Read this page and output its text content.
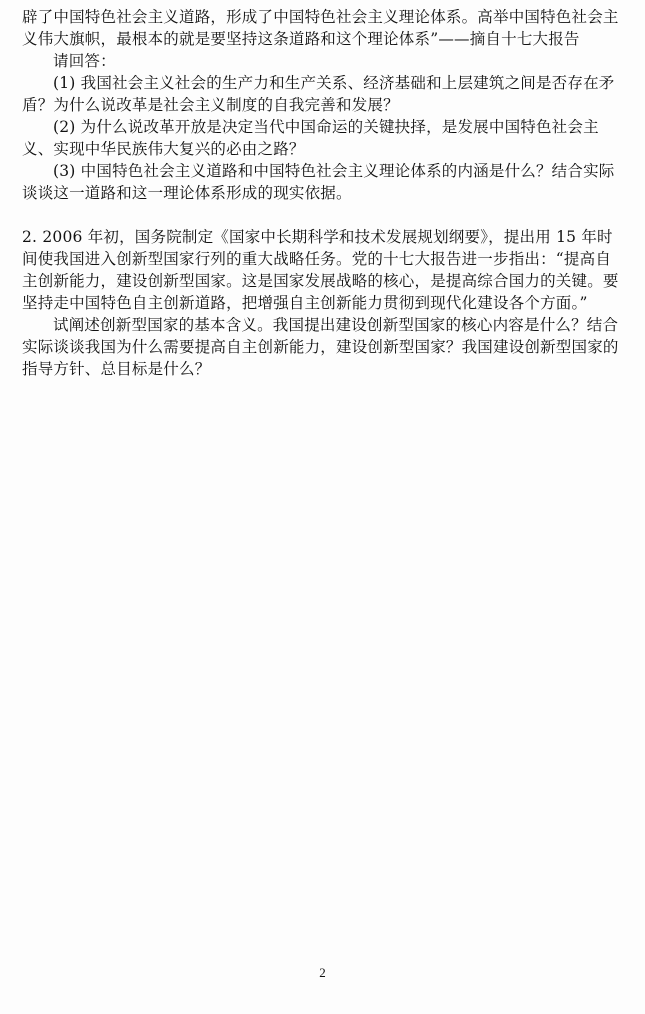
辟了中国特色社会主义道路，形成了中国特色社会主义理论体系。高举中国特色社会主义伟大旗帜，最根本的就是要坚持这条道路和这个理论体系”——摘自十七大报告

请回答：

(1) 我国社会主义社会的生产力和生产关系、经济基础和上层建筑之间是否存在矛盾？为什么说改革是社会主义制度的自我完善和发展？

(2) 为什么说改革开放是决定当代中国命运的关键抉择，是发展中国特色社会主义、实现中华民族伟大复兴的必由之路？

(3) 中国特色社会主义道路和中国特色社会主义理论体系的内涵是什么？结合实际谈谈这一道路和这一理论体系形成的现实依据。

2. 2006 年初，国务院制定《国家中长期科学和技术发展规划纲要》，提出用 15 年时间使我国进入创新型国家行列的重大战略任务。党的十七大报告进一步指出：“提高自主创新能力，建设创新型国家。这是国家发展战略的核心，是提高综合国力的关键。要坚持走中国特色自主创新道路，把增强自主创新能力贯彻到现代化建设各个方面。”

试阐述创新型国家的基本含义。我国提出建设创新型国家的核心内容是什么？结合实际谈谈我国为什么需要提高自主创新能力，建设创新型国家？我国建设创新型国家的指导方针、总目标是什么？

2
